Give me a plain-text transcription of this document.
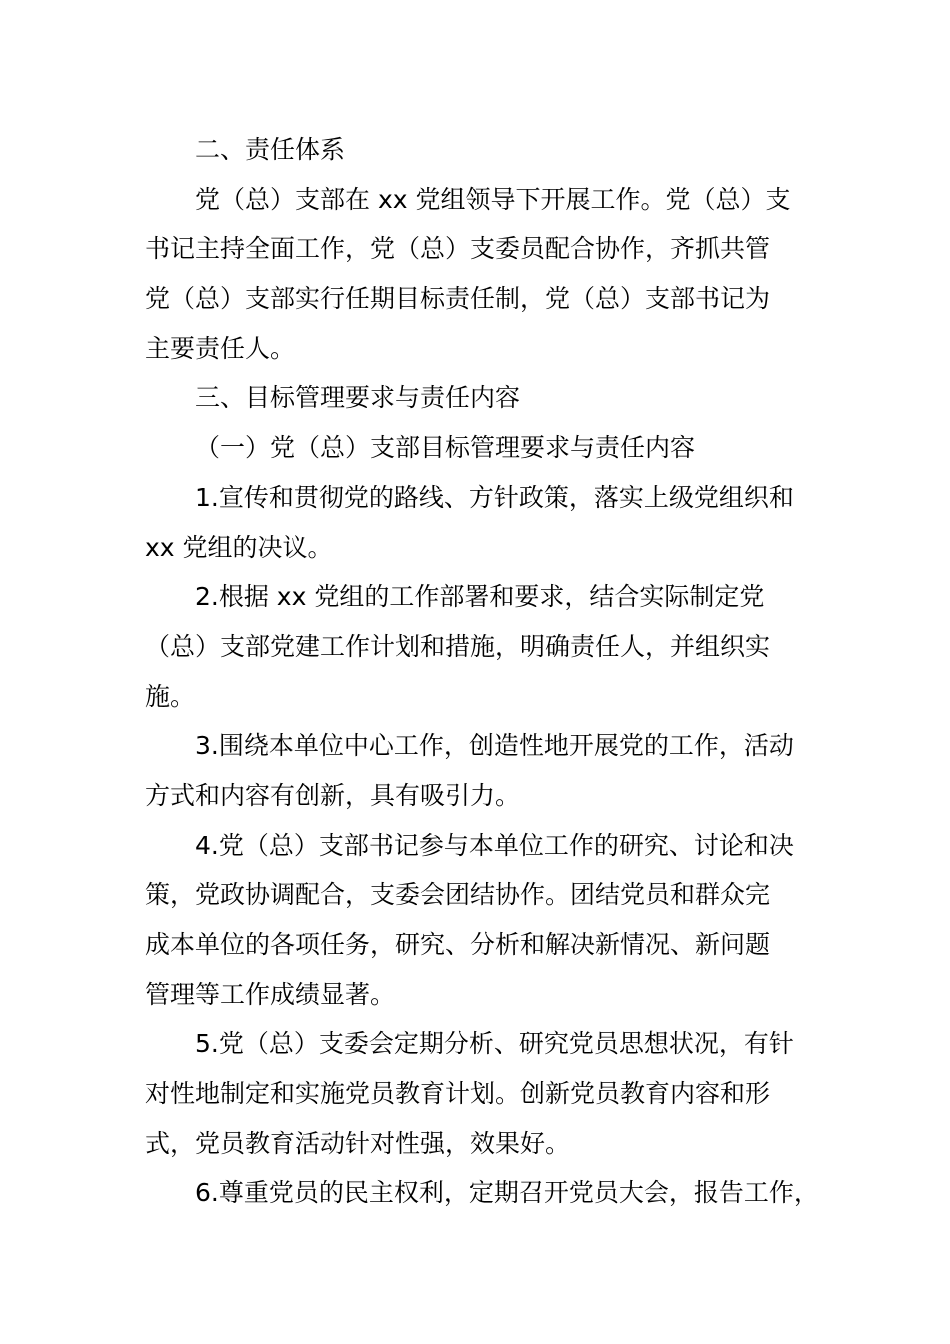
二、责任体系
党（总）支部在 xx 党组领导下开展工作。党（总）支
书记主持全面工作，党（总）支委员配合协作，齐抓共管
党（总）支部实行任期目标责任制，党（总）支部书记为
主要责任人。
三、目标管理要求与责任内容
（一）党（总）支部目标管理要求与责任内容
1.宣传和贯彻党的路线、方针政策，落实上级党组织和
xx 党组的决议。
2.根据 xx 党组的工作部署和要求，结合实际制定党
（总）支部党建工作计划和措施，明确责任人，并组织实
施。
3.围绕本单位中心工作，创造性地开展党的工作，活动
方式和内容有创新，具有吸引力。
4.党（总）支部书记参与本单位工作的研究、讨论和决
策，党政协调配合，支委会团结协作。团结党员和群众完
成本单位的各项任务，研究、分析和解决新情况、新问题
管理等工作成绩显著。
5.党（总）支委会定期分析、研究党员思想状况，有针
对性地制定和实施党员教育计划。创新党员教育内容和形
式，党员教育活动针对性强，效果好。
6.尊重党员的民主权利，定期召开党员大会，报告工作，
